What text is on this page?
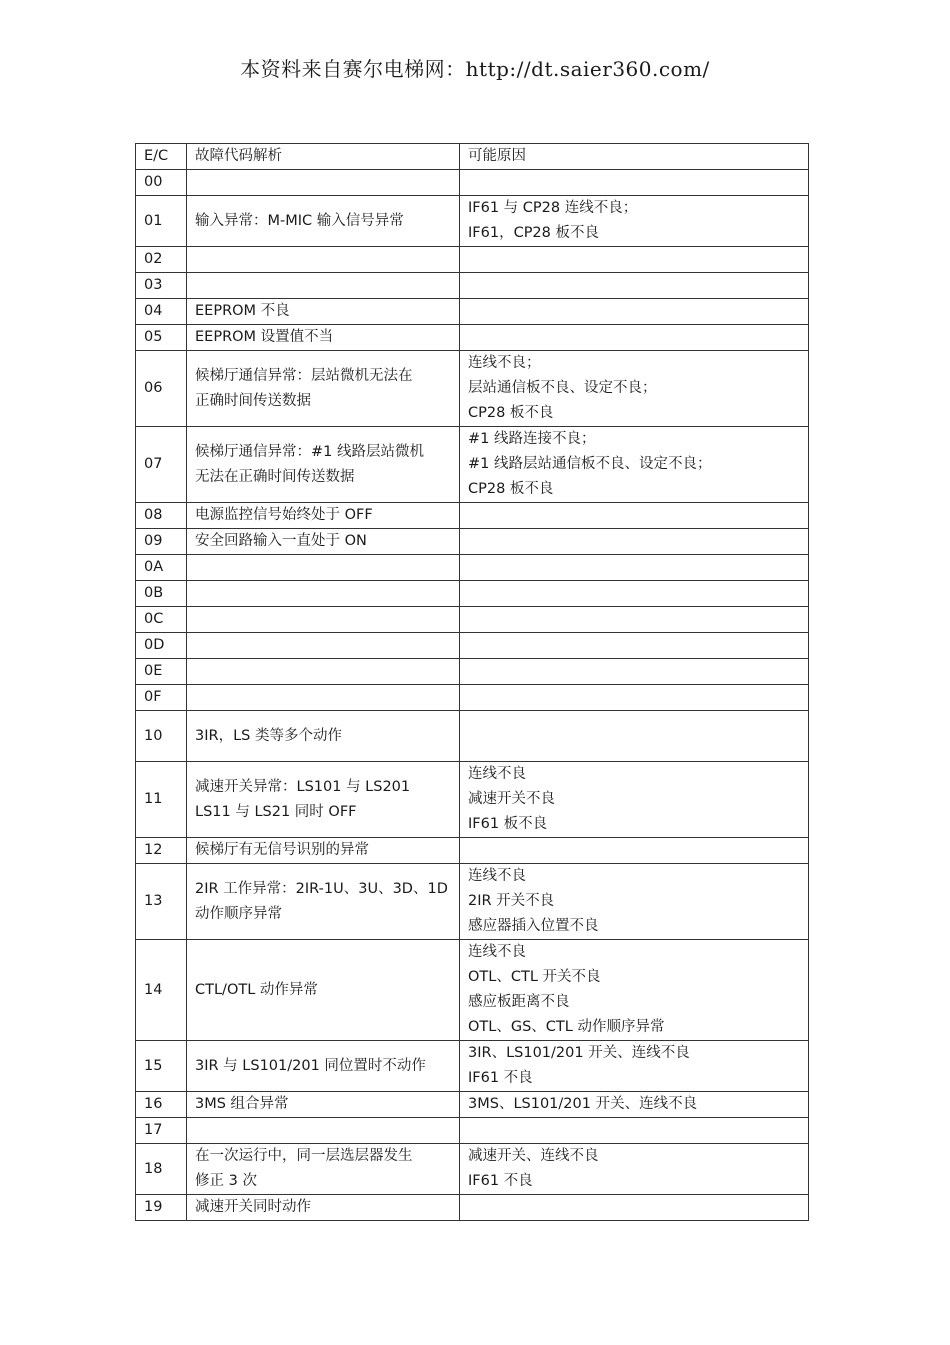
本资料来自赛尔电梯网：http://dt.saier360.com/
E/C	故障代码解析	可能原因
00		
01	输入异常：M-MIC 输入信号异常	IF61 与 CP28 连线不良；
IF61，CP28 板不良

02		
03		
04	EEPROM 不良	

05	EEPROM 设置值不当	

06	候梯厅通信异常：层站微机无法在
正确时间传送数据	连线不良；
层站通信板不良、设定不良；
CP28 板不良

07	候梯厅通信异常：#1 线路层站微机
无法在正确时间传送数据	#1 线路连接不良；
#1 线路层站通信板不良、设定不良；
CP28 板不良

08	电源监控信号始终处于 OFF	

09	安全回路输入一直处于 ON	

0A		
0B		
0C		
0D		
0E		
0F		
10	3IR，LS 类等多个动作	

11	减速开关异常：LS101 与 LS201
LS11 与 LS21 同时 OFF	连线不良
减速开关不良
IF61 板不良

12	候梯厅有无信号识别的异常	

13	2IR 工作异常：2IR-1U、3U、3D、1D
动作顺序异常	连线不良
2IR 开关不良
感应器插入位置不良

14	CTL/OTL 动作异常	连线不良
OTL、CTL 开关不良
感应板距离不良
OTL、GS、CTL 动作顺序异常

15	3IR 与 LS101/201 同位置时不动作	3IR、LS101/201 开关、连线不良
IF61 不良

16	3MS 组合异常	3MS、LS101/201 开关、连线不良

17		
18	在一次运行中，同一层选层器发生
修正 3 次	减速开关、连线不良
IF61 不良

19	减速开关同时动作	
